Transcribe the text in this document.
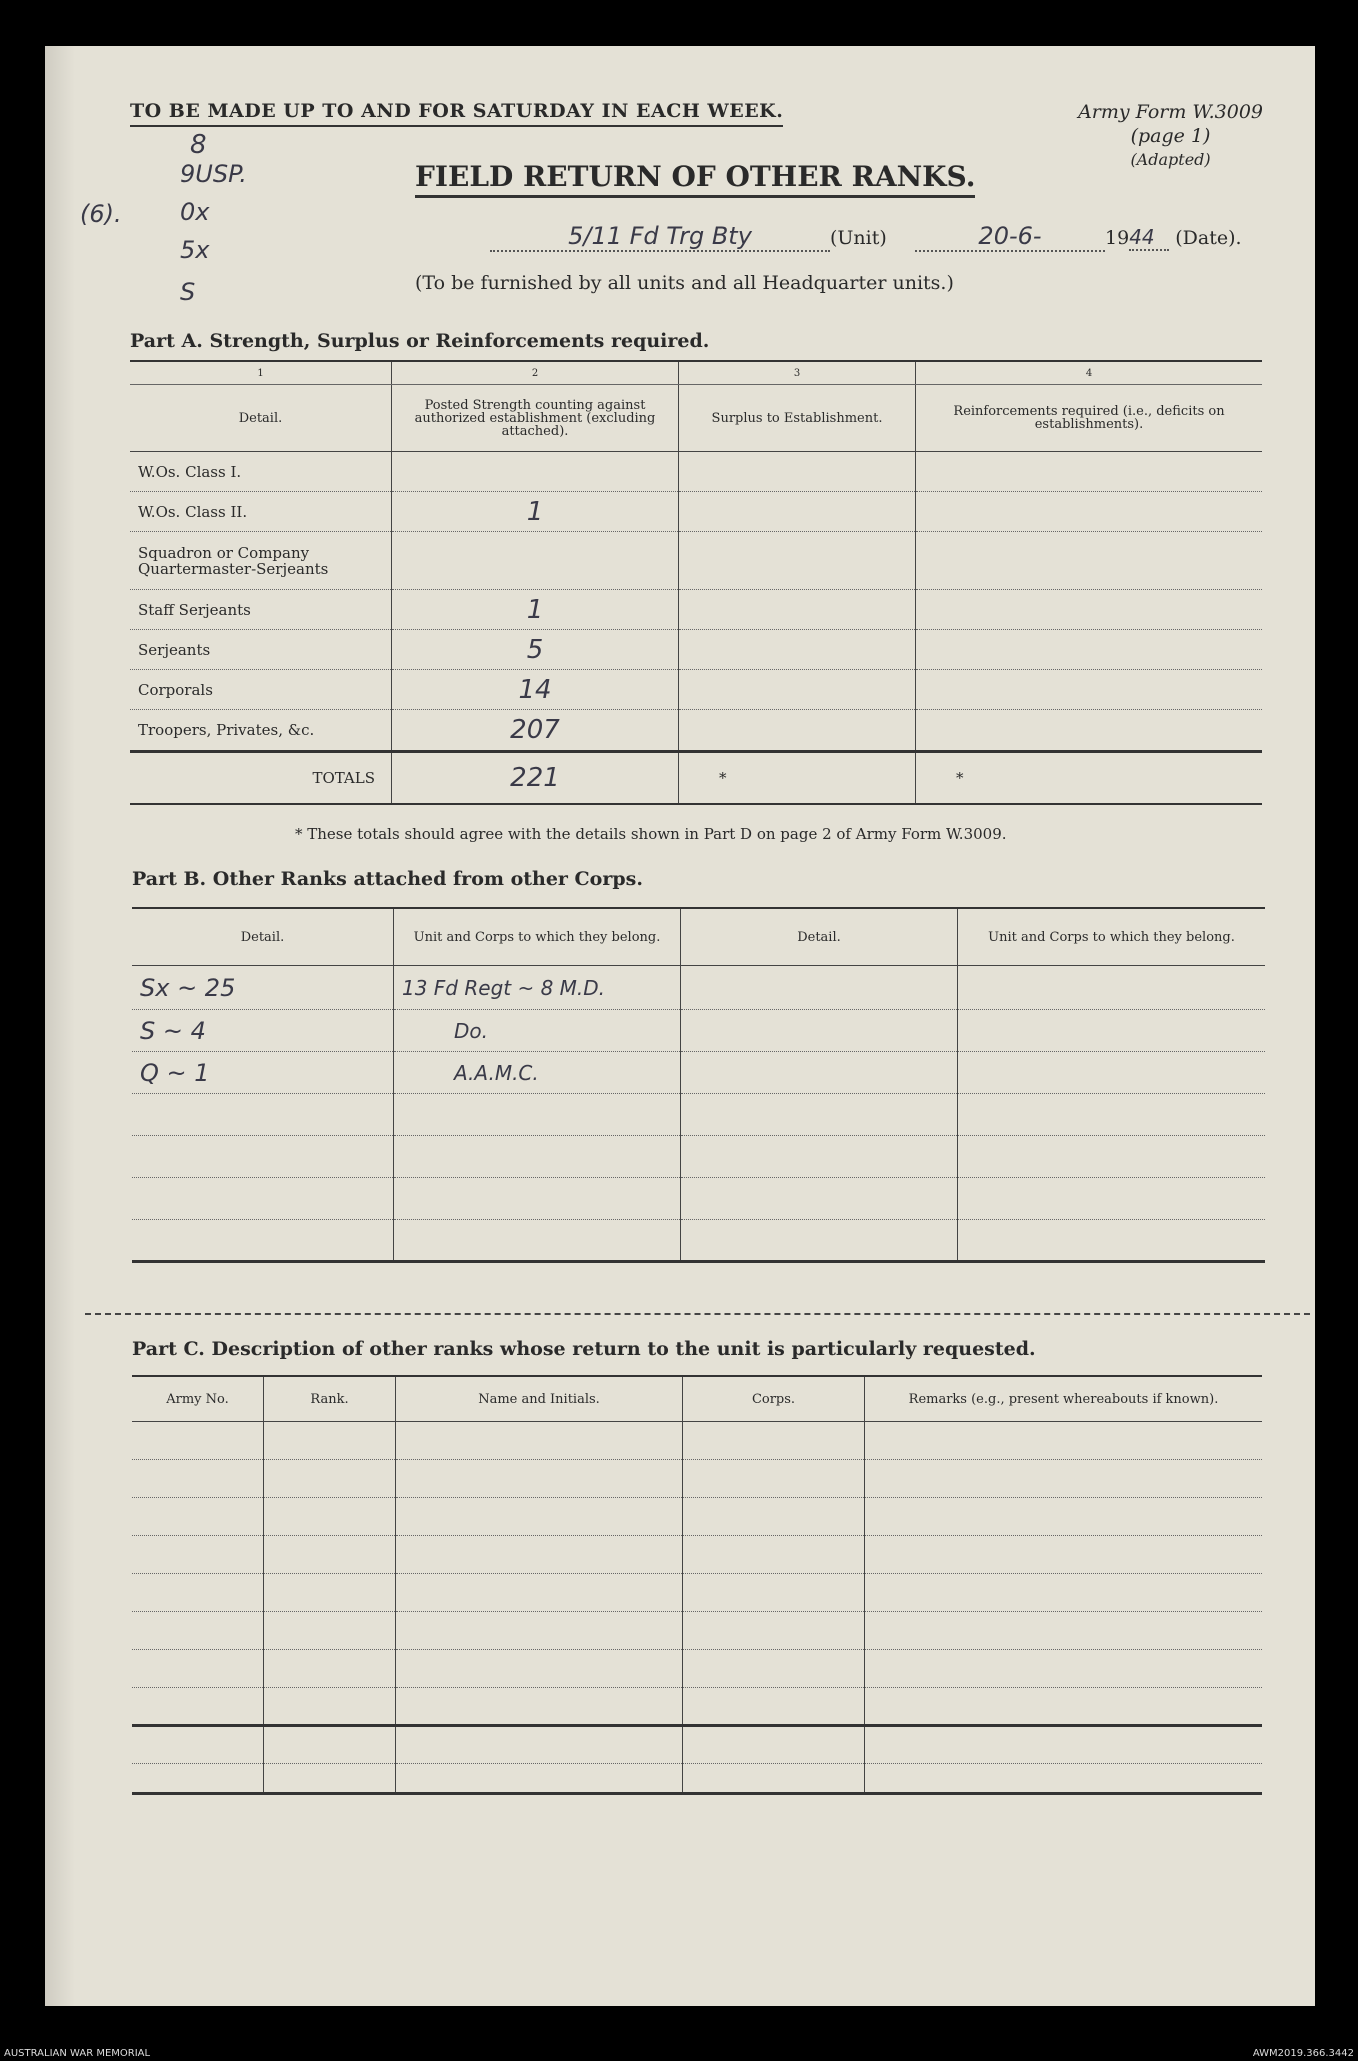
8
9USP.
(6). 0x
5x
S
TO BE MADE UP TO AND FOR SATURDAY IN EACH WEEK.	Army Form W.3009
(page 1)
(Adapted)
FIELD RETURN OF OTHER RANKS.
5/11 Fd Trg Bty	(Unit)	20-6-	1944 (Date).
(To be furnished by all units and all Headquarter units.)
Part A. Strength, Surplus or Reinforcements required.
1	2	3	4
Detail.	Posted Strength counting against authorized establishment (excluding attached).	Surplus to Establishment.	Reinforcements required (i.e., deficits on establishments).
W.Os. Class I.			
W.Os. Class II.	1		
Squadron or Company Quartermaster-Serjeants			
Staff Serjeants	1		
Serjeants	5		
Corporals	14		
Troopers, Privates, &c.	207		
TOTALS	221	*	*
* These totals should agree with the details shown in Part D on page 2 of Army Form W.3009.
Part B. Other Ranks attached from other Corps.
Detail.	Unit and Corps to which they belong.	Detail.	Unit and Corps to which they belong.
Sx ~ 25	13 Fd Regt ~ 8 M.D.		
S ~ 4	Do.		
Q ~ 1	A.A.M.C.		

Part C. Description of other ranks whose return to the unit is particularly requested.
Army No.	Rank.	Name and Initials.	Corps.	Remarks (e.g., present whereabouts if known).

AUSTRALIAN WAR MEMORIAL	AWM2019.366.3442
